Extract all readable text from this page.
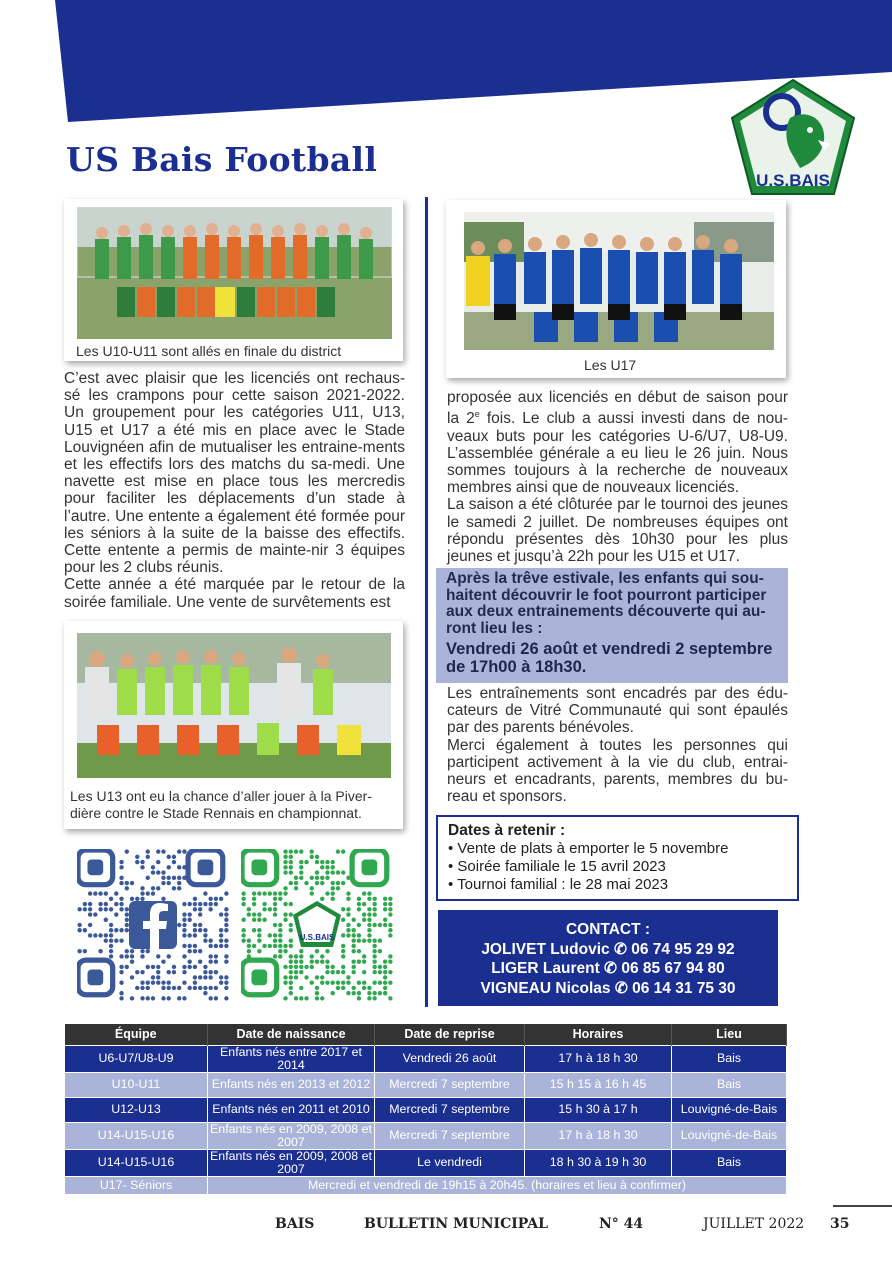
U.S.BAIS
US Bais Football
Les U10-U11 sont allés en finale du district
Les U17
Les U13 ont eu la chance d’aller jouer à la Piver-
dière contre le Stade Rennais en championnat.

C’est avec plaisir que les licenciés ont rechaus-sé les crampons pour cette saison 2021-2022. Un groupement pour les catégories U11, U13, U15 et U17 a été mis en place avec le Stade Louvignéen afin de mutualiser les entraine-ments et les effectifs lors des matchs du sa-medi. Une navette est mise en place tous les mercredis pour faciliter les déplacements d’un stade à l’autre. Une entente a également été formée pour les séniors à la suite de la baisse des effectifs. Cette entente a permis de mainte-nir 3 équipes pour les 2 clubs réunis.

Cette année a été marquée par le retour de la soirée familiale. Une vente de survêtements est

proposée aux licenciés en début de saison pour la 2e fois. Le club a aussi investi dans de nou-veaux buts pour les catégories U-6/U7, U8-U9. L’assemblée générale a eu lieu le 26 juin. Nous sommes toujours à la recherche de nouveaux membres ainsi que de nouveaux licenciés.

La saison a été clôturée par le tournoi des jeunes le samedi 2 juillet. De nombreuses équipes ont répondu présentes dès 10h30 pour les plus jeunes et jusqu’à 22h pour les U15 et U17.

Après la trêve estivale, les enfants qui sou-haitent découvrir le foot pourront participer aux deux entrainements découverte qui au-ront lieu les :
Vendredi 26 août et vendredi 2 septembre de 17h00 à 18h30.

Les entraînements sont encadrés par des édu-cateurs de Vitré Communauté qui sont épaulés par des parents bénévoles.

Merci également à toutes les personnes qui participent activement à la vie du club, entrai-neurs et encadrants, parents, membres du bu-reau et sponsors.

Dates à retenir :
• Vente de plats à emporter le 5 novembre
• Soirée familiale le 15 avril 2023
• Tournoi familial : le 28 mai 2023
CONTACT :
JOLIVET Ludovic ✆ 06 74 95 29 92
LIGER Laurent ✆ 06 85 67 94 80
VIGNEAU Nicolas ✆ 06 14 31 75 30
U.S.BAIS
Équipe	Date de naissance	Date de reprise	Horaires	Lieu
U6-U7/U8-U9	Enfants nés entre 2017 et 2014	Vendredi 26 août	17 h à 18 h 30	Bais
U10-U11	Enfants nés en 2013 et 2012	Mercredi 7 septembre	15 h 15 à 16 h 45	Bais
U12-U13	Enfants nés en 2011 et 2010	Mercredi 7 septembre	15 h 30 à 17 h	Louvigné-de-Bais
U14-U15-U16	Enfants nés en 2009, 2008 et 2007	Mercredi 7 septembre	17 h à 18 h 30	Louvigné-de-Bais
U14-U15-U16	Enfants nés en 2009, 2008 et 2007	Le vendredi	18 h 30 à 19 h 30	Bais
U17- Séniors	Mercredi et vendredi de 19h15 à 20h45. (horaires et lieu à confirmer)			
BAIS	BULLETIN MUNICIPAL	N° 44	JUILLET 2022 35
